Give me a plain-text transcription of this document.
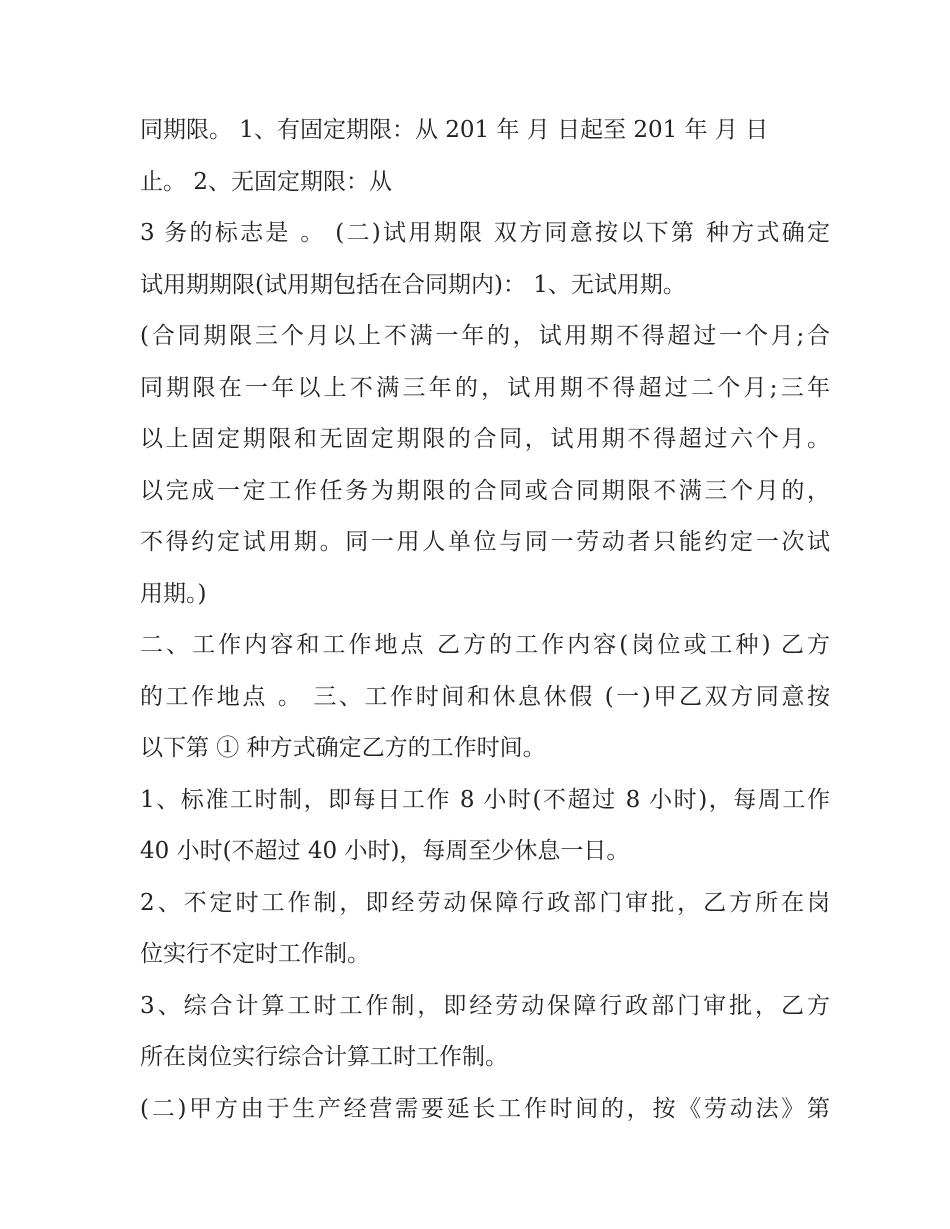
同期限。 1、有固定期限：从 201 年 月 日起至 201 年 月 日
止。 2、无固定期限：从
3 务的标志是 。 (二)试用期限 双方同意按以下第 种方式确定
试用期期限(试用期包括在合同期内)： 1、无试用期。
(合同期限三个月以上不满一年的，试用期不得超过一个月;合
同期限在一年以上不满三年的，试用期不得超过二个月;三年
以上固定期限和无固定期限的合同，试用期不得超过六个月。
以完成一定工作任务为期限的合同或合同期限不满三个月的，
不得约定试用期。同一用人单位与同一劳动者只能约定一次试
用期。)
二、工作内容和工作地点 乙方的工作内容(岗位或工种) 乙方
的工作地点 。 三、工作时间和休息休假 (一)甲乙双方同意按
以下第 ① 种方式确定乙方的工作时间。
1、标准工时制，即每日工作 8 小时(不超过 8 小时)，每周工作
40 小时(不超过 40 小时)，每周至少休息一日。
2、不定时工作制，即经劳动保障行政部门审批，乙方所在岗
位实行不定时工作制。
3、综合计算工时工作制，即经劳动保障行政部门审批，乙方
所在岗位实行综合计算工时工作制。
(二)甲方由于生产经营需要延长工作时间的，按《劳动法》第
